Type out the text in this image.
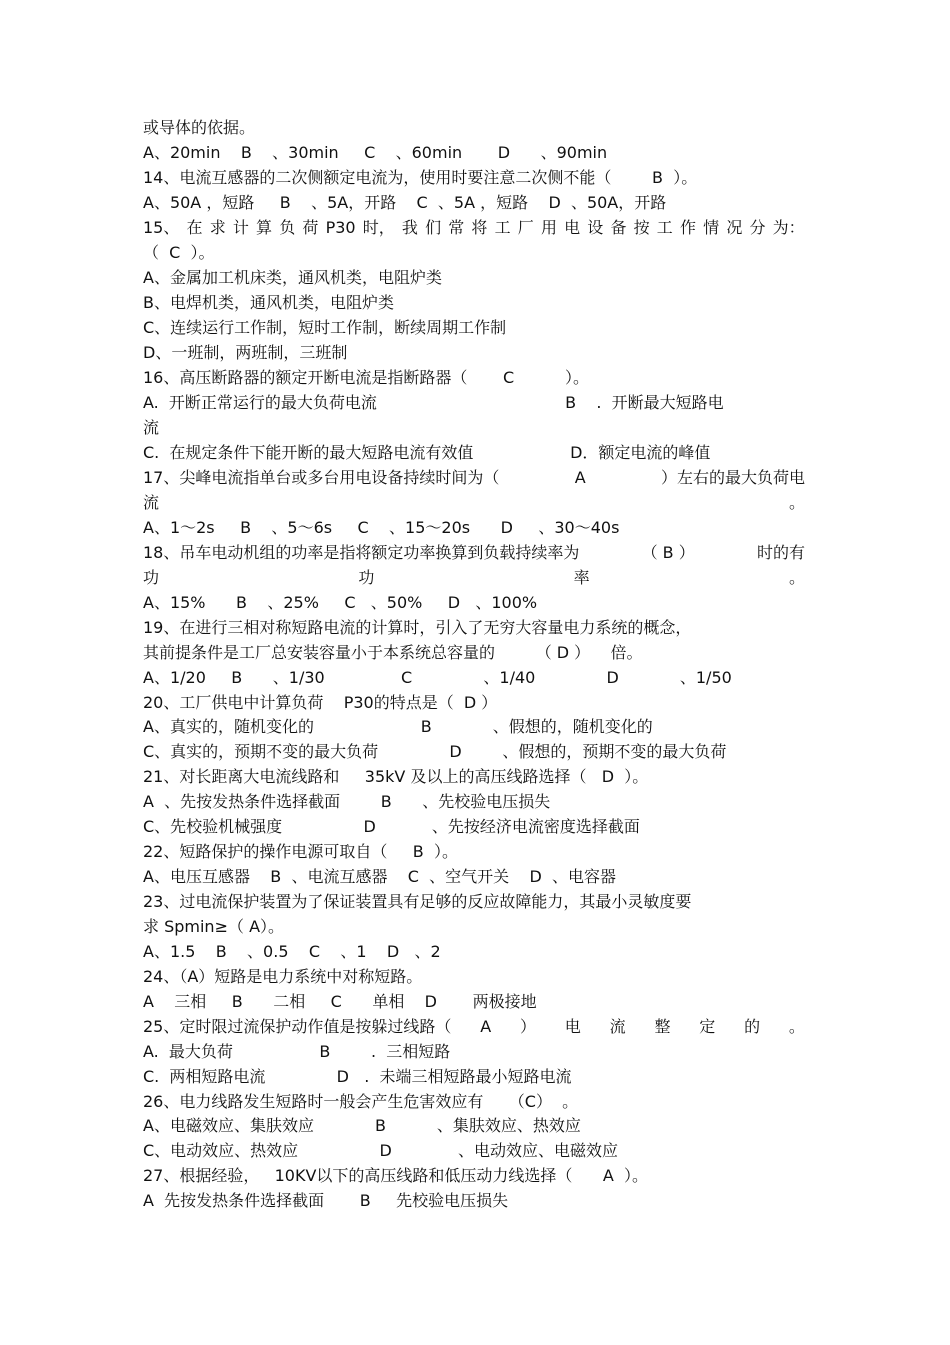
或导体的依据。
A、20min    B    、30min     C    、60min       D      、90min
14、电流互感器的二次侧额定电流为，使用时要注意二次侧不能（        B  ）。
A、50A ，短路     B    、5A，开路    C  、5A ，短路    D  、50A，开路
15、 在 求 计 算 负 荷 P30 时， 我 们 常 将 工 厂 用 电 设 备 按 工 作 情 况 分 为：
（  C  ）。
A、金属加工机床类，通风机类，电阻炉类
B、电焊机类，通风机类，电阻炉类
C、连续运行工作制，短时工作制，断续周期工作制
D、一班制，两班制，三班制
16、高压断路器的额定开断电流是指断路器（       C          ）。
A.  开断正常运行的最大负荷电流                                     B    .  开断最大短路电
流
C.  在规定条件下能开断的最大短路电流有效值                   D．额定电流的峰值
17、尖峰电流指单台或多台用电设备持续时间为（	A	）左右的最大负荷电
流	。
A、1～2s     B    、5～6s     C    、15～20s      D     、30～40s
18、吊车电动机组的功率是指将额定功率换算到负载持续率为	（ B ）	时的有
功	功	率	。
A、15%      B    、25%     C   、50%     D   、100%
19、在进行三相对称短路电流的计算时，引入了无穷大容量电力系统的概念，
其前提条件是工厂总安装容量小于本系统总容量的        （ D ）    倍。
A、1/20     B      、1/30               C              、1/40              D            、1/50
20、工厂供电中计算负荷    P30的特点是（  D ）
A、真实的，随机变化的                     B            、假想的，随机变化的
C、真实的，预期不变的最大负荷              D        、假想的，预期不变的最大负荷
21、对长距离大电流线路和     35kV 及以上的高压线路选择（   D  ）。
A  、先按发热条件选择截面        B      、先校验电压损失
C、先校验机械强度                D           、先按经济电流密度选择截面
22、短路保护的操作电源可取自（     B  ）。
A、电压互感器    B  、电流互感器    C  、空气开关    D  、电容器
23、过电流保护装置为了保证装置具有足够的反应故障能力，其最小灵敏度要
求 Spmin≥（ A）。
A、1.5    B    、0.5    C    、1    D   、2
24、（A）短路是电力系统中对称短路。
A    三相     B      二相     C      单相    D       两极接地
25、定时限过流保护动作值是按躲过线路（ A ） 电 流 整 定 的 。
A.  最大负荷                 B        .  三相短路
C.  两相短路电流              D   .  未端三相短路最小短路电流
26、电力线路发生短路时一般会产生危害效应有     （C）  。
A、电磁效应、集肤效应            B          、集肤效应、热效应
C、电动效应、热效应                D             、电动效应、电磁效应
27、根据经验，   10KV以下的高压线路和低压动力线选择（      A  ）。
A  先按发热条件选择截面       B     先校验电压损失
